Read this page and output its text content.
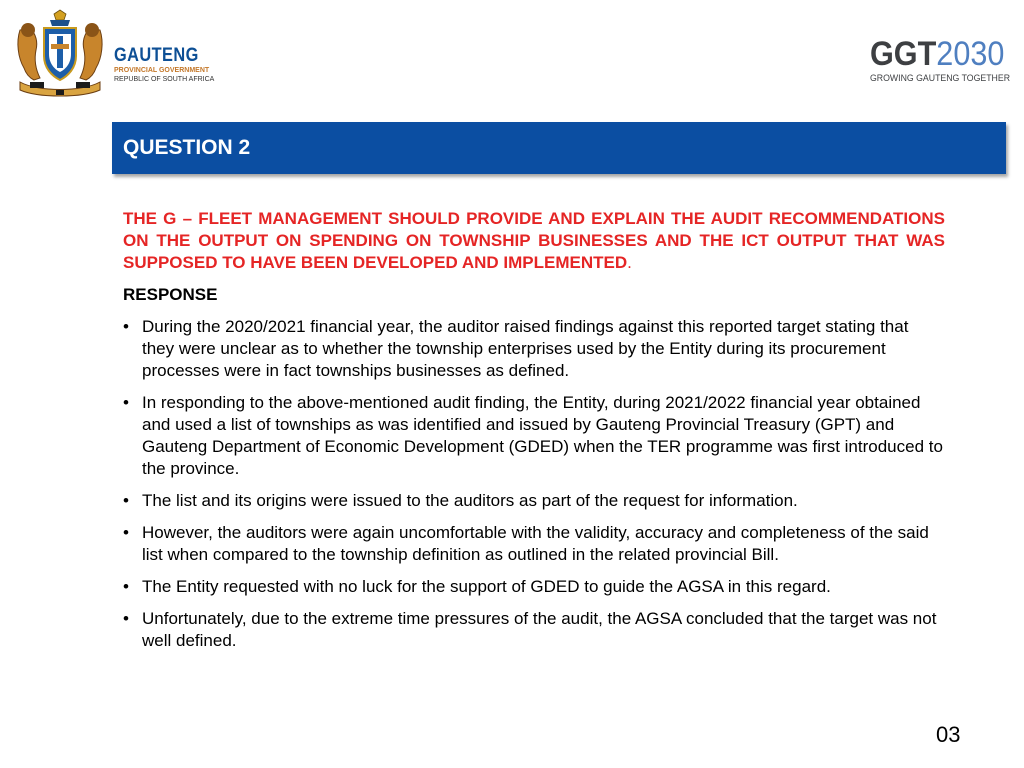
GAUTENG
PROVINCIAL GOVERNMENT
REPUBLIC OF SOUTH AFRICA
GGT2030
GROWING GAUTENG TOGETHER
QUESTION 2

THE G – FLEET MANAGEMENT SHOULD PROVIDE AND EXPLAIN THE AUDIT RECOMMENDATIONS ON THE OUTPUT ON SPENDING ON TOWNSHIP BUSINESSES AND THE ICT OUTPUT THAT WAS SUPPOSED TO HAVE BEEN DEVELOPED AND IMPLEMENTED.

RESPONSE
• During the 2020/2021 financial year, the auditor raised findings against this reported target stating that they were unclear as to whether the township enterprises used by the Entity during its procurement processes were in fact townships businesses as defined.
• In responding to the above-mentioned audit finding, the Entity, during 2021/2022 financial year obtained and used a list of townships as was identified and issued by Gauteng Provincial Treasury (GPT) and Gauteng Department of Economic Development (GDED) when the TER programme was first introduced to the province.
• The list and its origins were issued to the auditors as part of the request for information.
• However, the auditors were again uncomfortable with the validity, accuracy and completeness of the said list when compared to the township definition as outlined in the related provincial Bill.
• The Entity requested with no luck for the support of GDED to guide the AGSA in this regard.
• Unfortunately, due to the extreme time pressures of the audit, the AGSA concluded that the target was not well defined.
03
